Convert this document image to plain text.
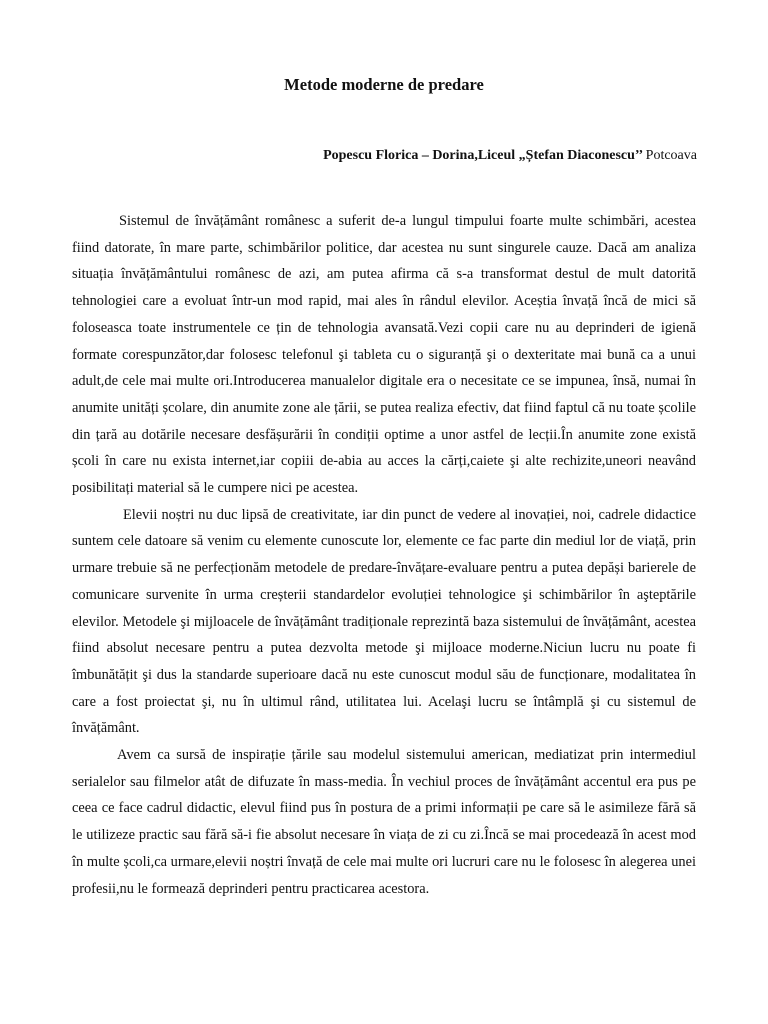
Metode moderne de predare
Popescu Florica – Dorina,Liceul „Ștefan Diaconescu’’ Potcoava

Sistemul de învățământ românesc a suferit de-a lungul timpului foarte multe schimbări, acestea fiind datorate, în mare parte, schimbărilor politice, dar acestea nu sunt singurele cauze. Dacă am analiza situația învățământului românesc de azi, am putea afirma că s-a transformat destul de mult datorită tehnologiei care a evoluat într-un mod rapid, mai ales în rândul elevilor. Aceștia învață încă de mici să foloseasca toate instrumentele ce țin de tehnologia avansată.Vezi copii care nu au deprinderi de igienă formate corespunzător,dar folosesc telefonul şi tableta cu o siguranță şi o dexteritate mai bună ca a unui adult,de cele mai multe ori.Introducerea manualelor digitale era o necesitate ce se impunea, însă, numai în anumite unități școlare, din anumite zone ale țării, se putea realiza efectiv, dat fiind faptul că nu toate școlile din țară au dotările necesare desfășurării în condiții optime a unor astfel de lecții.În anumite zone există școli în care nu exista internet,iar copiii de-abia au acces la cărți,caiete şi alte rechizite,uneori neavând posibilitați material să le cumpere nici pe acestea.

Elevii noștri nu duc lipsă de creativitate, iar din punct de vedere al inovației, noi, cadrele didactice suntem cele datoare să venim cu elemente cunoscute lor, elemente ce fac parte din mediul lor de viață, prin urmare trebuie să ne perfecționăm metodele de predare-învățare-evaluare pentru a putea depăși barierele de comunicare survenite în urma creșterii standardelor evoluției tehnologice şi schimbărilor în aşteptările elevilor. Metodele şi mijloacele de învățământ tradiționale reprezintă baza sistemului de învățământ, acestea fiind absolut necesare pentru a putea dezvolta metode şi mijloace moderne.Niciun lucru nu poate fi îmbunătățit şi dus la standarde superioare dacă nu este cunoscut modul său de funcționare, modalitatea în care a fost proiectat şi, nu în ultimul rând, utilitatea lui. Acelaşi lucru se întâmplă şi cu sistemul de învățământ.

Avem ca sursă de inspirație țările sau modelul sistemului american, mediatizat prin intermediul serialelor sau filmelor atât de difuzate în mass-media. În vechiul proces de învățământ accentul era pus pe ceea ce face cadrul didactic, elevul fiind pus în postura de a primi informații pe care să le asimileze fără să le utilizeze practic sau fără să-i fie absolut necesare în viața de zi cu zi.Încă se mai procedează în acest mod în multe școli,ca urmare,elevii noștri învață de cele mai multe ori lucruri care nu le folosesc în alegerea unei profesii,nu le formează deprinderi pentru practicarea acestora.
